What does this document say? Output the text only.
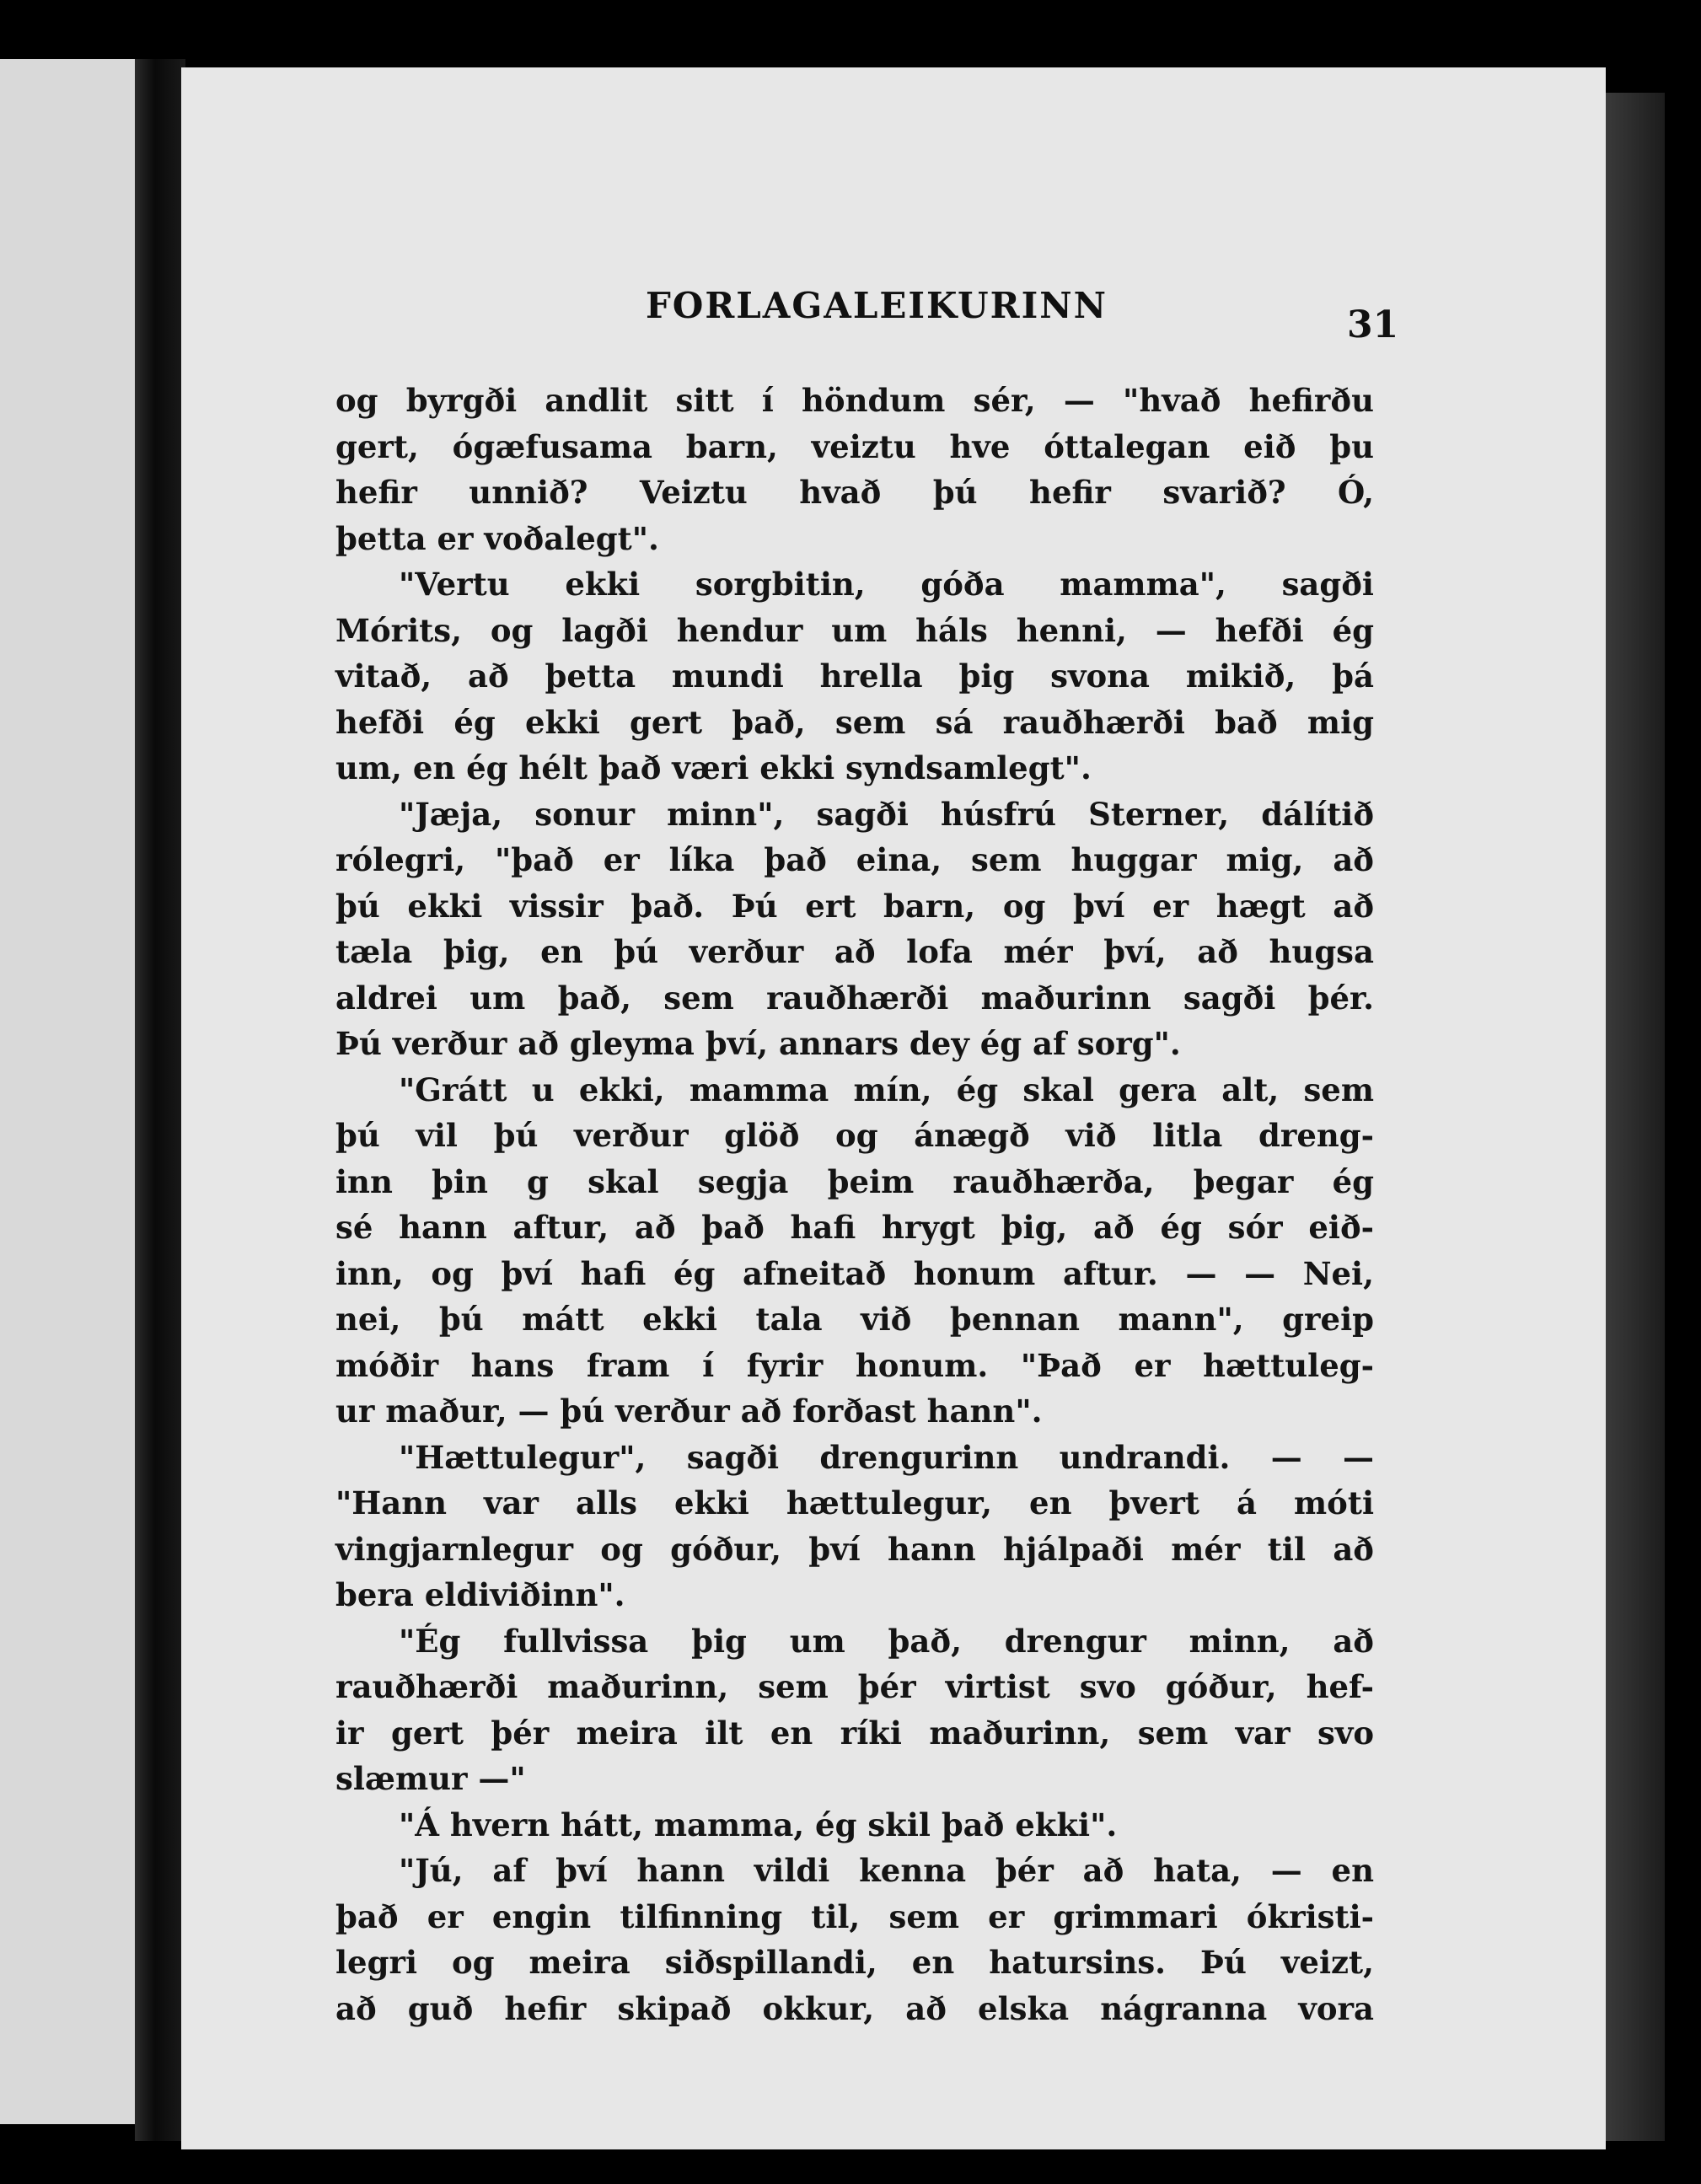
FORLAGALEIKURINN	31
og byrgði andlit sitt í höndum sér, — "hvað hefirðu
gert, ógæfusama barn, veiztu hve óttalegan eið þu
hefir unnið? Veiztu hvað þú hefir svarið? Ó,
þetta er voðalegt".
"Vertu ekki sorgbitin, góða mamma", sagði
Mórits, og lagði hendur um háls henni, — hefði ég
vitað, að þetta mundi hrella þig svona mikið, þá
hefði ég ekki gert það, sem sá rauðhærði bað mig
um, en ég hélt það væri ekki syndsamlegt".
"Jæja, sonur minn", sagði húsfrú Sterner, dálítið
rólegri, "það er líka það eina, sem huggar mig, að
þú ekki vissir það. Þú ert barn, og því er hægt að
tæla þig, en þú verður að lofa mér því, að hugsa
aldrei um það, sem rauðhærði maðurinn sagði þér.
Þú verður að gleyma því, annars dey ég af sorg".
"Grátt u ekki, mamma mín, ég skal gera alt, sem
þú vil þú verður glöð og ánægð við litla dreng-
inn þin g skal segja þeim rauðhærða, þegar ég
sé hann aftur, að það hafi hrygt þig, að ég sór eið-
inn, og því hafi ég afneitað honum aftur. — — Nei,
nei, þú mátt ekki tala við þennan mann", greip
móðir hans fram í fyrir honum. "Það er hættuleg-
ur maður, — þú verður að forðast hann".
"Hættulegur", sagði drengurinn undrandi. — —
"Hann var alls ekki hættulegur, en þvert á móti
vingjarnlegur og góður, því hann hjálpaði mér til að
bera eldiviðinn".
"Ég fullvissa þig um það, drengur minn, að
rauðhærði maðurinn, sem þér virtist svo góður, hef-
ir gert þér meira ilt en ríki maðurinn, sem var svo
slæmur —"
"Á hvern hátt, mamma, ég skil það ekki".
"Jú, af því hann vildi kenna þér að hata, — en
það er engin tilfinning til, sem er grimmari ókristi-
legri og meira siðspillandi, en hatursins. Þú veizt,
að guð hefir skipað okkur, að elska nágranna vora
